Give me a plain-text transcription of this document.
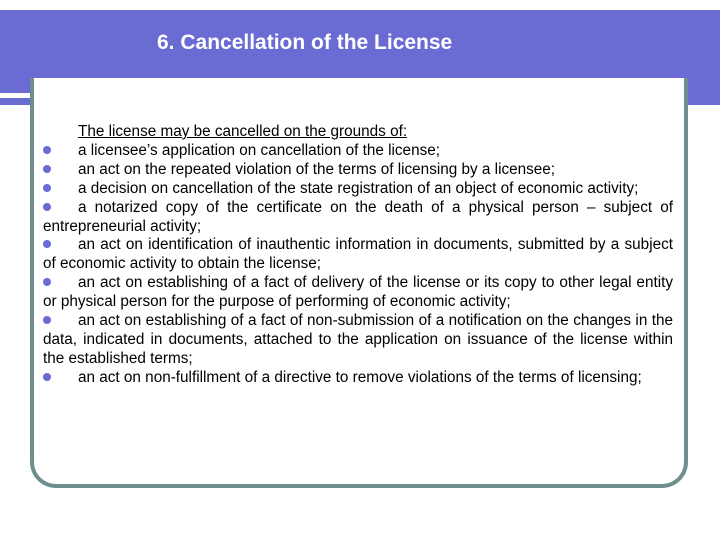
6. Cancellation of the License
The license may be cancelled on the grounds of:
a licensee’s application on cancellation of the license;
an act on the repeated violation of the terms of licensing by a licensee;
a decision on cancellation of the state registration of an object of economic activity;
a notarized copy of the certificate on the death of a physical person – subject of entrepreneurial activity;
an act on identification of inauthentic information in documents, submitted by a subject of economic activity to obtain the license;
an act on establishing of a fact of delivery of the license or its copy to other legal entity or physical person for the purpose of performing of economic activity;
an act on establishing of a fact of non-submission of a notification on the changes in the data, indicated in documents, attached to the application on issuance of the license within the established terms;
an act on non-fulfillment of a directive to remove violations of the terms of licensing;
